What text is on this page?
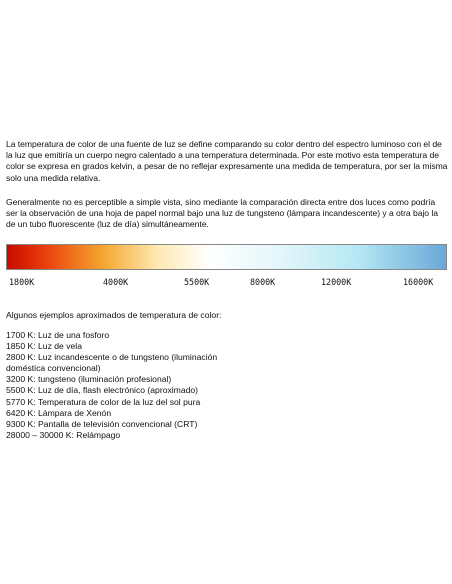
La temperatura de color de una fuente de luz se define comparando su color dentro del espectro luminoso con el de la luz que emitiría un cuerpo negro calentado a una temperatura determinada. Por este motivo esta temperatura de color se expresa en grados kelvin, a pesar de no reflejar expresamente una medida de temperatura, por ser la misma solo una medida relativa.

Generalmente no es perceptible a simple vista, sino mediante la comparación directa entre dos luces como podría ser la observación de una hoja de papel normal bajo una luz de tungsteno (lámpara incandescente) y a otra bajo la de un tubo fluorescente (luz de día) simultáneamente.

1800K	4000K	5500K	8000K	12000K	16000K

Algunos ejemplos aproximados de temperatura de color:

1700 K: Luz de una fosforo
1850 K: Luz de vela
2800 K: Luz incandescente o de tungsteno (iluminación
doméstica convencional)
3200 K: tungsteno (iluminación profesional)
5500 K: Luz de día, flash electrónico (aproximado)
5770 K: Temperatura de color de la luz del sol pura
6420 K: Lámpara de Xenón
9300 K: Pantalla de televisión convencional (CRT)
28000 – 30000 K: Relámpago
